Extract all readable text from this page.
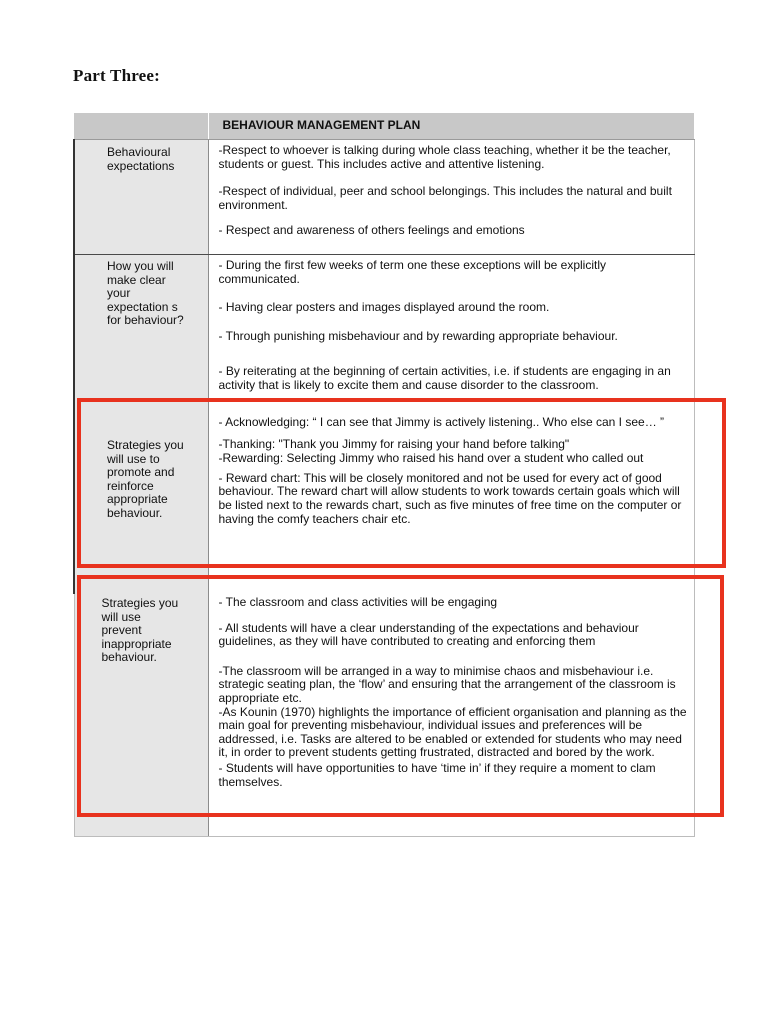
Part Three:
	BEHAVIOUR MANAGEMENT PLAN

Behavioural expectations	-Respect to whoever is talking during whole class teaching, whether it be the teacher, students or guest. This includes active and attentive listening.

-Respect of individual, peer and school belongings. This includes the natural and built environment.

- Respect and awareness of others feelings and emotions

How you will make clear your expectation s for behaviour?	- During the first few weeks of term one these exceptions will be explicitly communicated.

- Having clear posters and images displayed around the room.

- Through punishing misbehaviour and by rewarding appropriate behaviour.

- By reiterating at the beginning of certain activities, i.e. if students are engaging in an activity that is likely to excite them and cause disorder to the classroom.

Strategies you will use to promote and reinforce appropriate behaviour.	- Acknowledging: “ I can see that Jimmy is actively listening.. Who else can I see… ”

-Thanking: "Thank you Jimmy for raising your hand before talking"

-Rewarding: Selecting Jimmy who raised his hand over a student who called out

- Reward chart: This will be closely monitored and not be used for every act of good behaviour. The reward chart will allow students to work towards certain goals which will be listed next to the rewards chart, such as five minutes of free time on the computer or having the comfy teachers chair etc.

Strategies you will use prevent inappropriate behaviour.	- The classroom and class activities will be engaging

- All students will have a clear understanding of the expectations and behaviour guidelines, as they will have contributed to creating and enforcing them

-The classroom will be arranged in a way to minimise chaos and misbehaviour i.e. strategic seating plan, the ‘flow’ and ensuring that the arrangement of the classroom is appropriate etc.

-As Kounin (1970) highlights the importance of efficient organisation and planning as the main goal for preventing misbehaviour, individual issues and preferences will be addressed, i.e. Tasks are altered to be enabled or extended for students who may need it, in order to prevent students getting frustrated, distracted and bored by the work.

- Students will have opportunities to have ‘time in’ if they require a moment to clam themselves.
